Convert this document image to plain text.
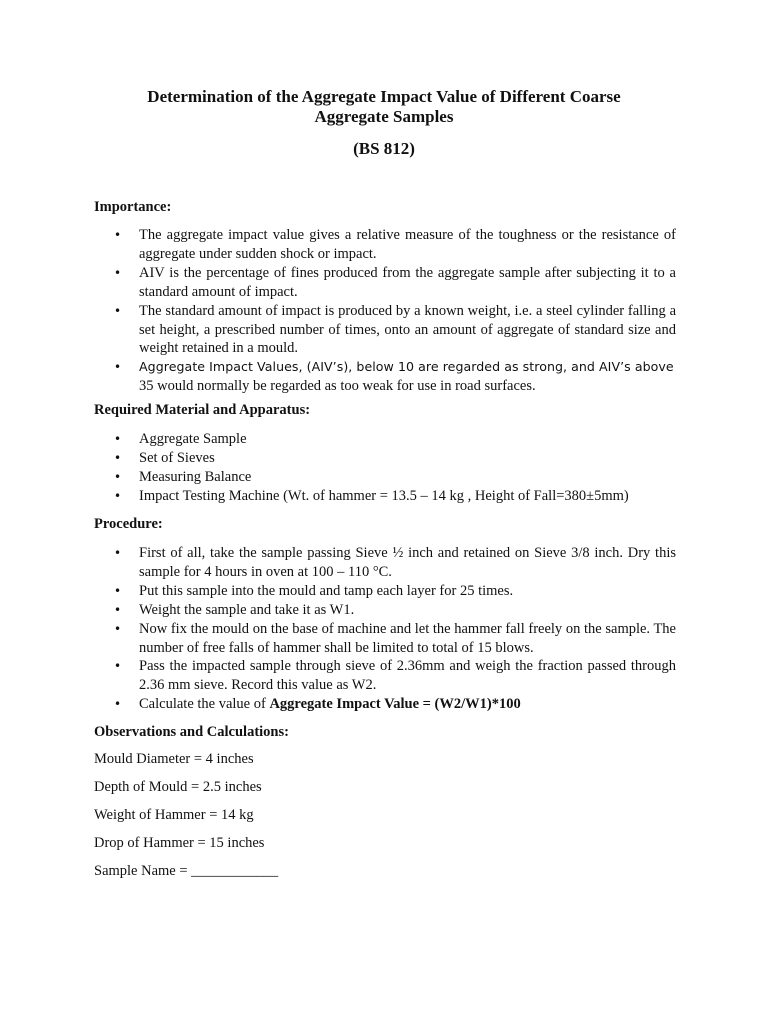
Determination of the Aggregate Impact Value of Different Coarse
Aggregate Samples
(BS 812)
Importance:
• The aggregate impact value gives a relative measure of the toughness or the resistance of aggregate under sudden shock or impact.
• AIV is the percentage of fines produced from the aggregate sample after subjecting it to a standard amount of impact.
• The standard amount of impact is produced by a known weight, i.e. a steel cylinder falling a set height, a prescribed number of times, onto an amount of aggregate of standard size and weight retained in a mould.
• Aggregate Impact Values, (AIV’s), below 10 are regarded as strong, and AIV’s above
35 would normally be regarded as too weak for use in road surfaces.
Required Material and Apparatus:
• Aggregate Sample
• Set of Sieves
• Measuring Balance
• Impact Testing Machine (Wt. of hammer = 13.5 – 14 kg , Height of Fall=380±5mm)
Procedure:
• First of all, take the sample passing Sieve ½ inch and retained on Sieve 3/8 inch. Dry this sample for 4 hours in oven at 100 – 110 °C.
• Put this sample into the mould and tamp each layer for 25 times.
• Weight the sample and take it as W1.
• Now fix the mould on the base of machine and let the hammer fall freely on the sample. The number of free falls of hammer shall be limited to total of 15 blows.
• Pass the impacted sample through sieve of 2.36mm and weigh the fraction passed through 2.36 mm sieve. Record this value as W2.
• Calculate the value of Aggregate Impact Value = (W2/W1)*100
Observations and Calculations:
Mould Diameter = 4 inches
Depth of Mould = 2.5 inches
Weight of Hammer = 14 kg
Drop of Hammer = 15 inches
Sample Name = ____________
